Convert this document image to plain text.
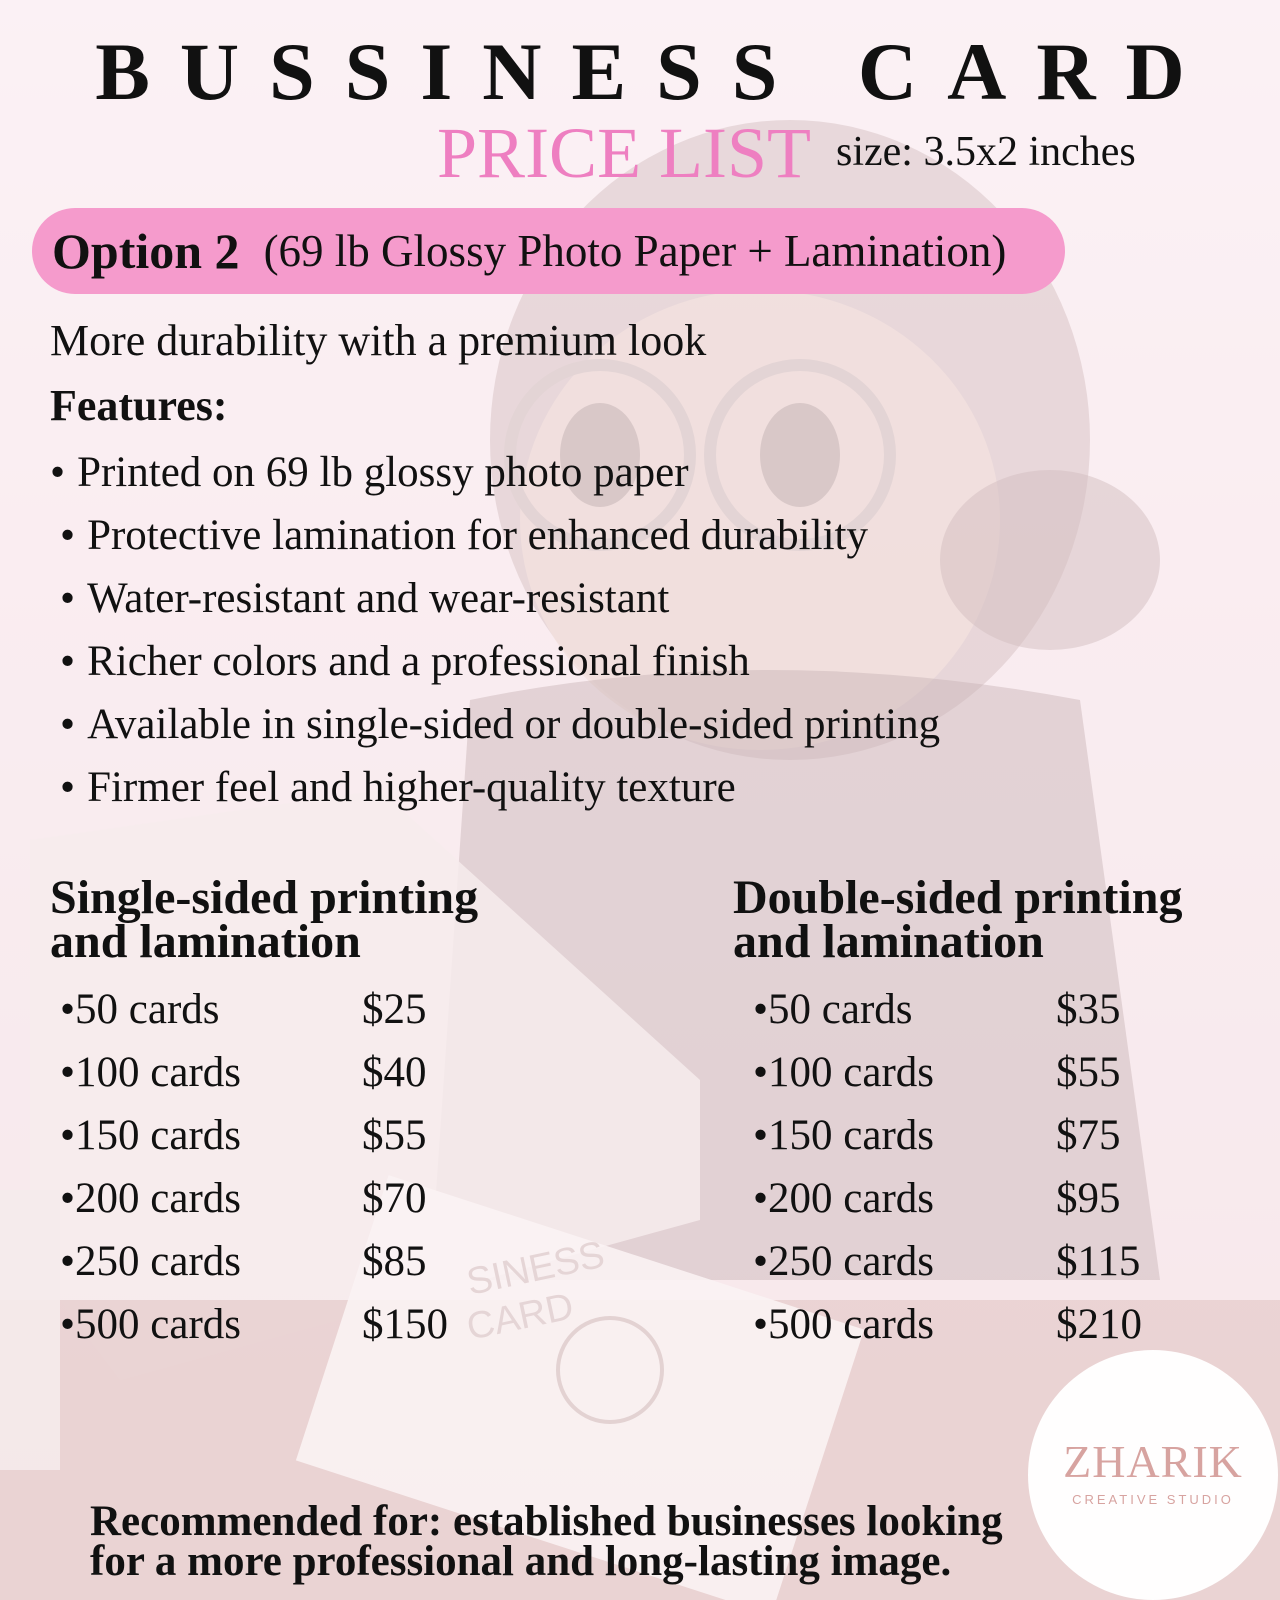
BUSSINESS CARD
PRICE LIST size: 3.5x2 inches
Option 2 (69 lb Glossy Photo Paper + Lamination)
More durability with a premium look
Features:
• Printed on 69 lb glossy photo paper
• Protective lamination for enhanced durability
• Water-resistant and wear-resistant
• Richer colors and a professional finish
• Available in single-sided or double-sided printing
• Firmer feel and higher-quality texture
Single-sided printing
and lamination
Double-sided printing
and lamination
•50 cards	$25
•100 cards	$40
•150 cards	$55
•200 cards	$70
•250 cards	$85
•500 cards	$150
•50 cards	$35
•100 cards	$55
•150 cards	$75
•200 cards	$95
•250 cards	$115
•500 cards	$210
ZHARIK
CREATIVE STUDIO
Recommended for: established businesses looking
for a more professional and long-lasting image.
